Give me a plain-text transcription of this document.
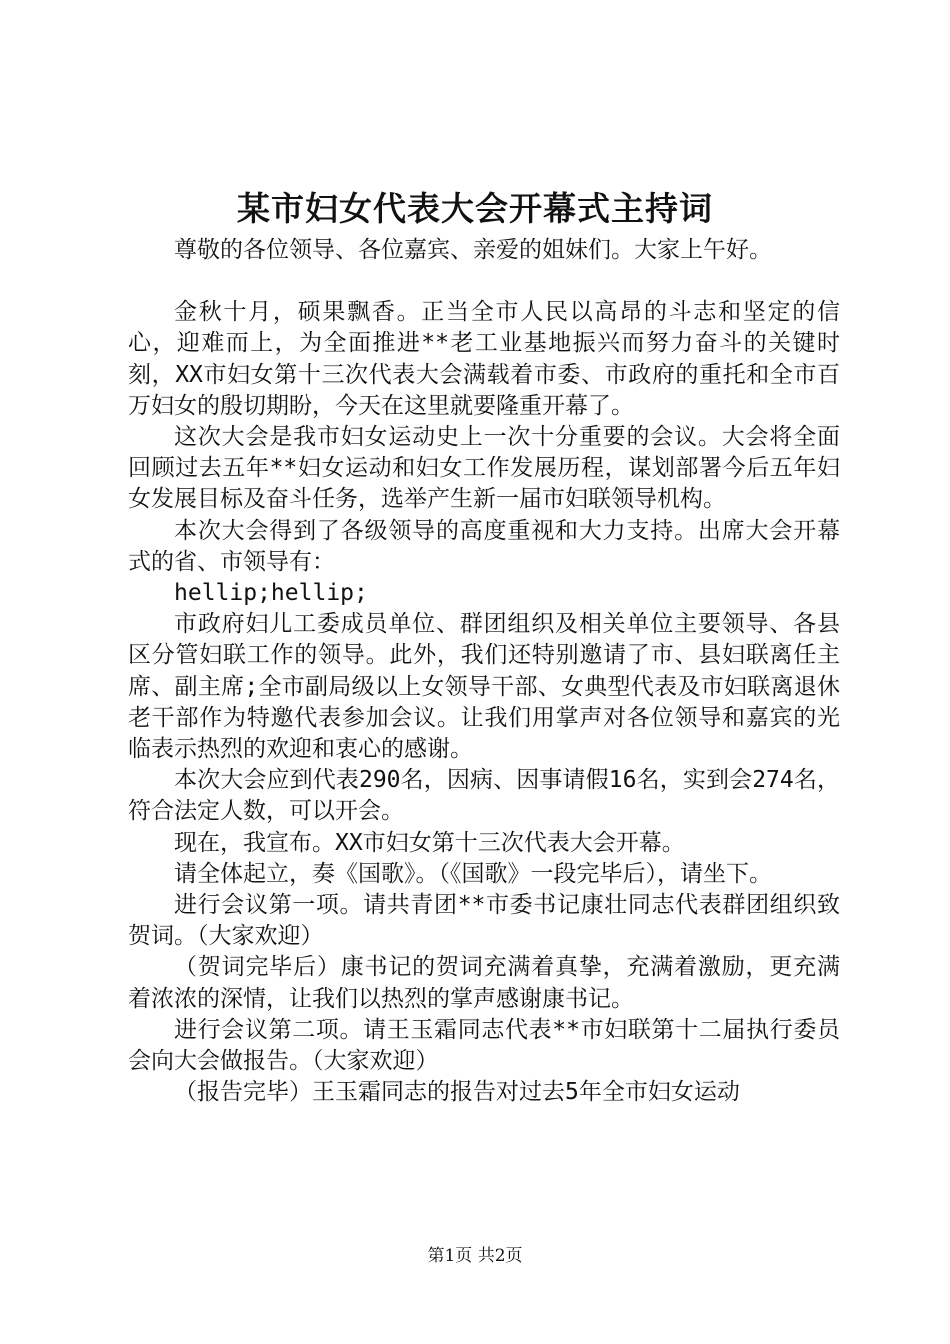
某市妇女代表大会开幕式主持词

尊敬的各位领导、各位嘉宾、亲爱的姐妹们。大家上午好。

金秋十月，硕果飘香。正当全市人民以高昂的斗志和坚定的信心，迎难而上，为全面推进**老工业基地振兴而努力奋斗的关键时刻，XX市妇女第十三次代表大会满载着市委、市政府的重托和全市百万妇女的殷切期盼，今天在这里就要隆重开幕了。

这次大会是我市妇女运动史上一次十分重要的会议。大会将全面回顾过去五年**妇女运动和妇女工作发展历程，谋划部署今后五年妇女发展目标及奋斗任务，选举产生新一届市妇联领导机构。

本次大会得到了各级领导的高度重视和大力支持。出席大会开幕式的省、市领导有：

hellip;hellip;

市政府妇儿工委成员单位、群团组织及相关单位主要领导、各县区分管妇联工作的领导。此外，我们还特别邀请了市、县妇联离任主席、副主席;全市副局级以上女领导干部、女典型代表及市妇联离退休老干部作为特邀代表参加会议。让我们用掌声对各位领导和嘉宾的光临表示热烈的欢迎和衷心的感谢。

本次大会应到代表290名，因病、因事请假16名，实到会274名，符合法定人数，可以开会。

现在，我宣布。XX市妇女第十三次代表大会开幕。

请全体起立，奏《国歌》。（《国歌》一段完毕后），请坐下。

进行会议第一项。请共青团**市委书记康壮同志代表群团组织致贺词。（大家欢迎）

（贺词完毕后）康书记的贺词充满着真挚，充满着激励，更充满着浓浓的深情，让我们以热烈的掌声感谢康书记。

进行会议第二项。请王玉霜同志代表**市妇联第十二届执行委员会向大会做报告。（大家欢迎）

（报告完毕）王玉霜同志的报告对过去5年全市妇女运动

第1页 共2页
